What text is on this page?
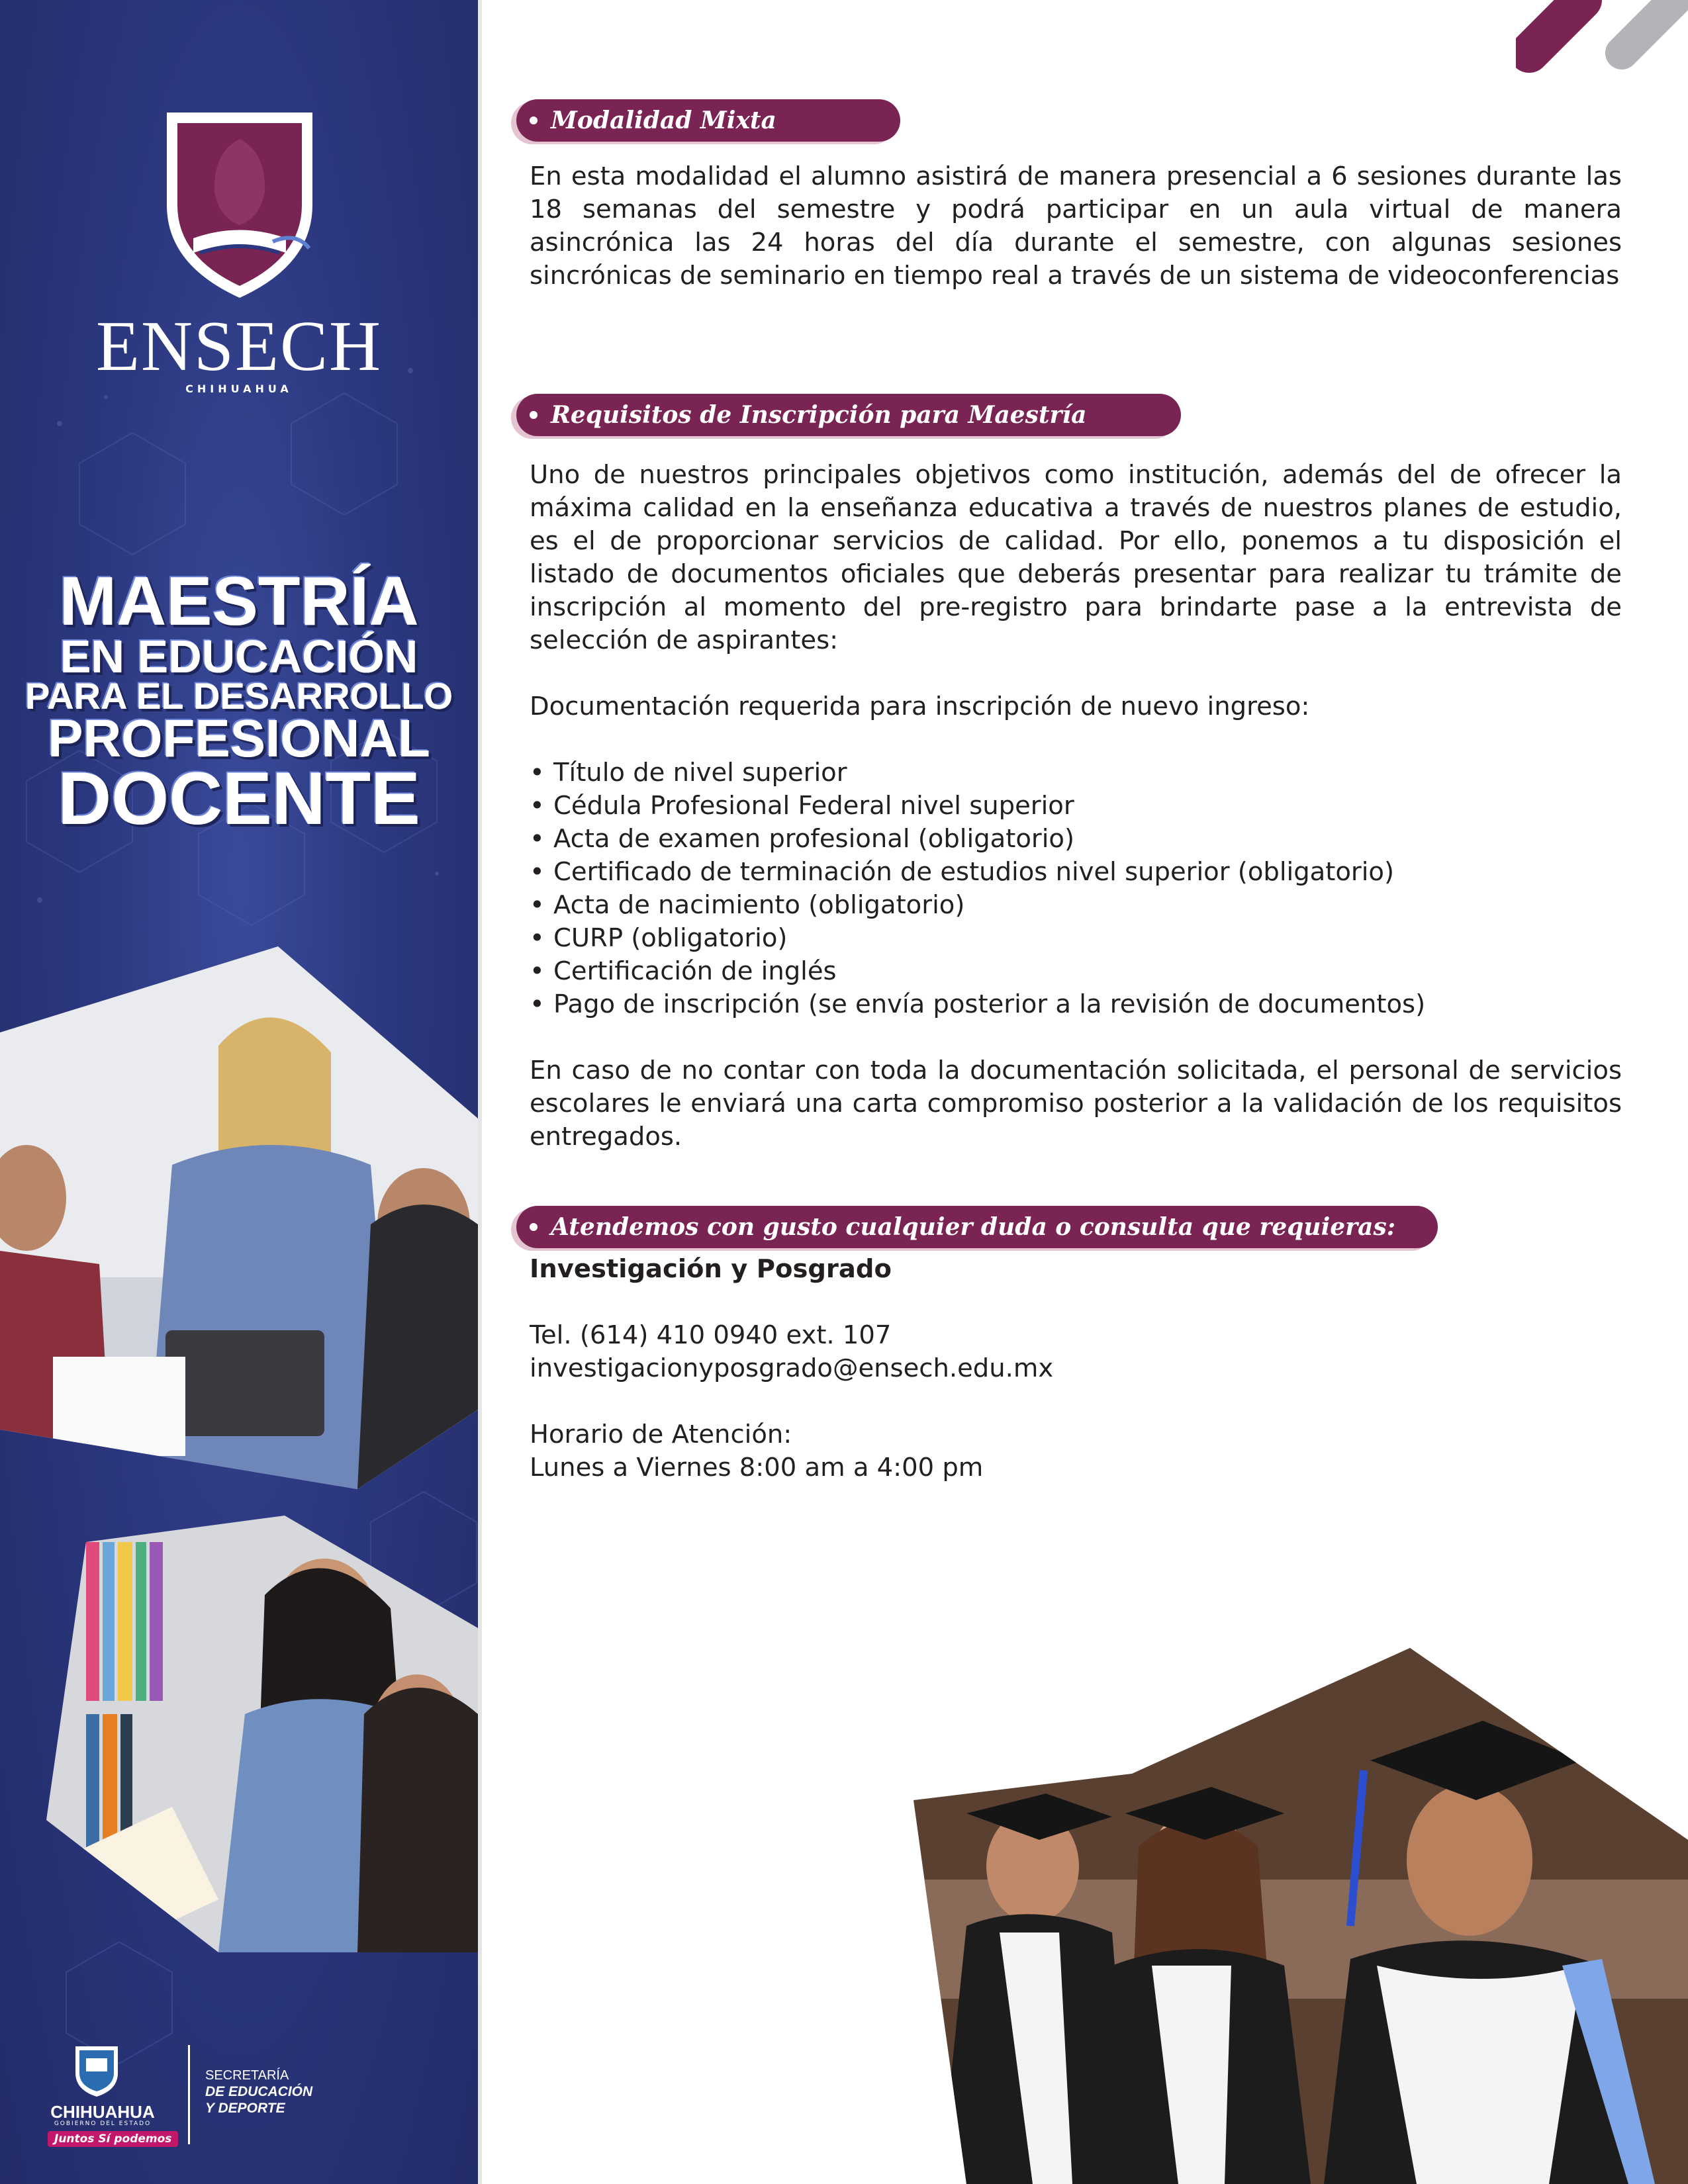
ENSECH
CHIHUAHUA
MAESTRÍA
EN EDUCACIÓN
PARA EL DESARROLLO
PROFESIONAL
DOCENTE
CHIHUAHUA
GOBIERNO DEL ESTADO
Juntos Sí podemos
SECRETARÍA
DE EDUCACIÓN
Y DEPORTE
Modalidad Mixta
En esta modalidad el alumno asistirá de manera presencial a 6 sesiones durante las 18 semanas del semestre y podrá participar en un aula virtual de manera asincrónica las 24 horas del día durante el semestre, con algunas sesiones sincrónicas de seminario en tiempo real a través de un sistema de videoconferencias
Requisitos de Inscripción para Maestría
Uno de nuestros principales objetivos como institución, además del de ofrecer la máxima calidad en la enseñanza educativa a través de nuestros planes de estudio, es el de proporcionar servicios de calidad. Por ello, ponemos a tu disposición el listado de documentos oficiales que deberás presentar para realizar tu trámite de inscripción al momento del pre-registro para brindarte pase a la entrevista de selección de aspirantes:
Documentación requerida para inscripción de nuevo ingreso:
• Título de nivel superior
• Cédula Profesional Federal nivel superior
• Acta de examen profesional (obligatorio)
• Certificado de terminación de estudios nivel superior (obligatorio)
• Acta de nacimiento (obligatorio)
• CURP (obligatorio)
• Certificación de inglés
• Pago de inscripción (se envía posterior a la revisión de documentos)
En caso de no contar con toda la documentación solicitada, el personal de servicios escolares le enviará una carta compromiso posterior a la validación de los requisitos entregados.
Atendemos con gusto cualquier duda o consulta que requieras:
Investigación y Posgrado
Tel. (614) 410 0940 ext. 107
investigacionyposgrado@ensech.edu.mx
Horario de Atención:
Lunes a Viernes 8:00 am a 4:00 pm
